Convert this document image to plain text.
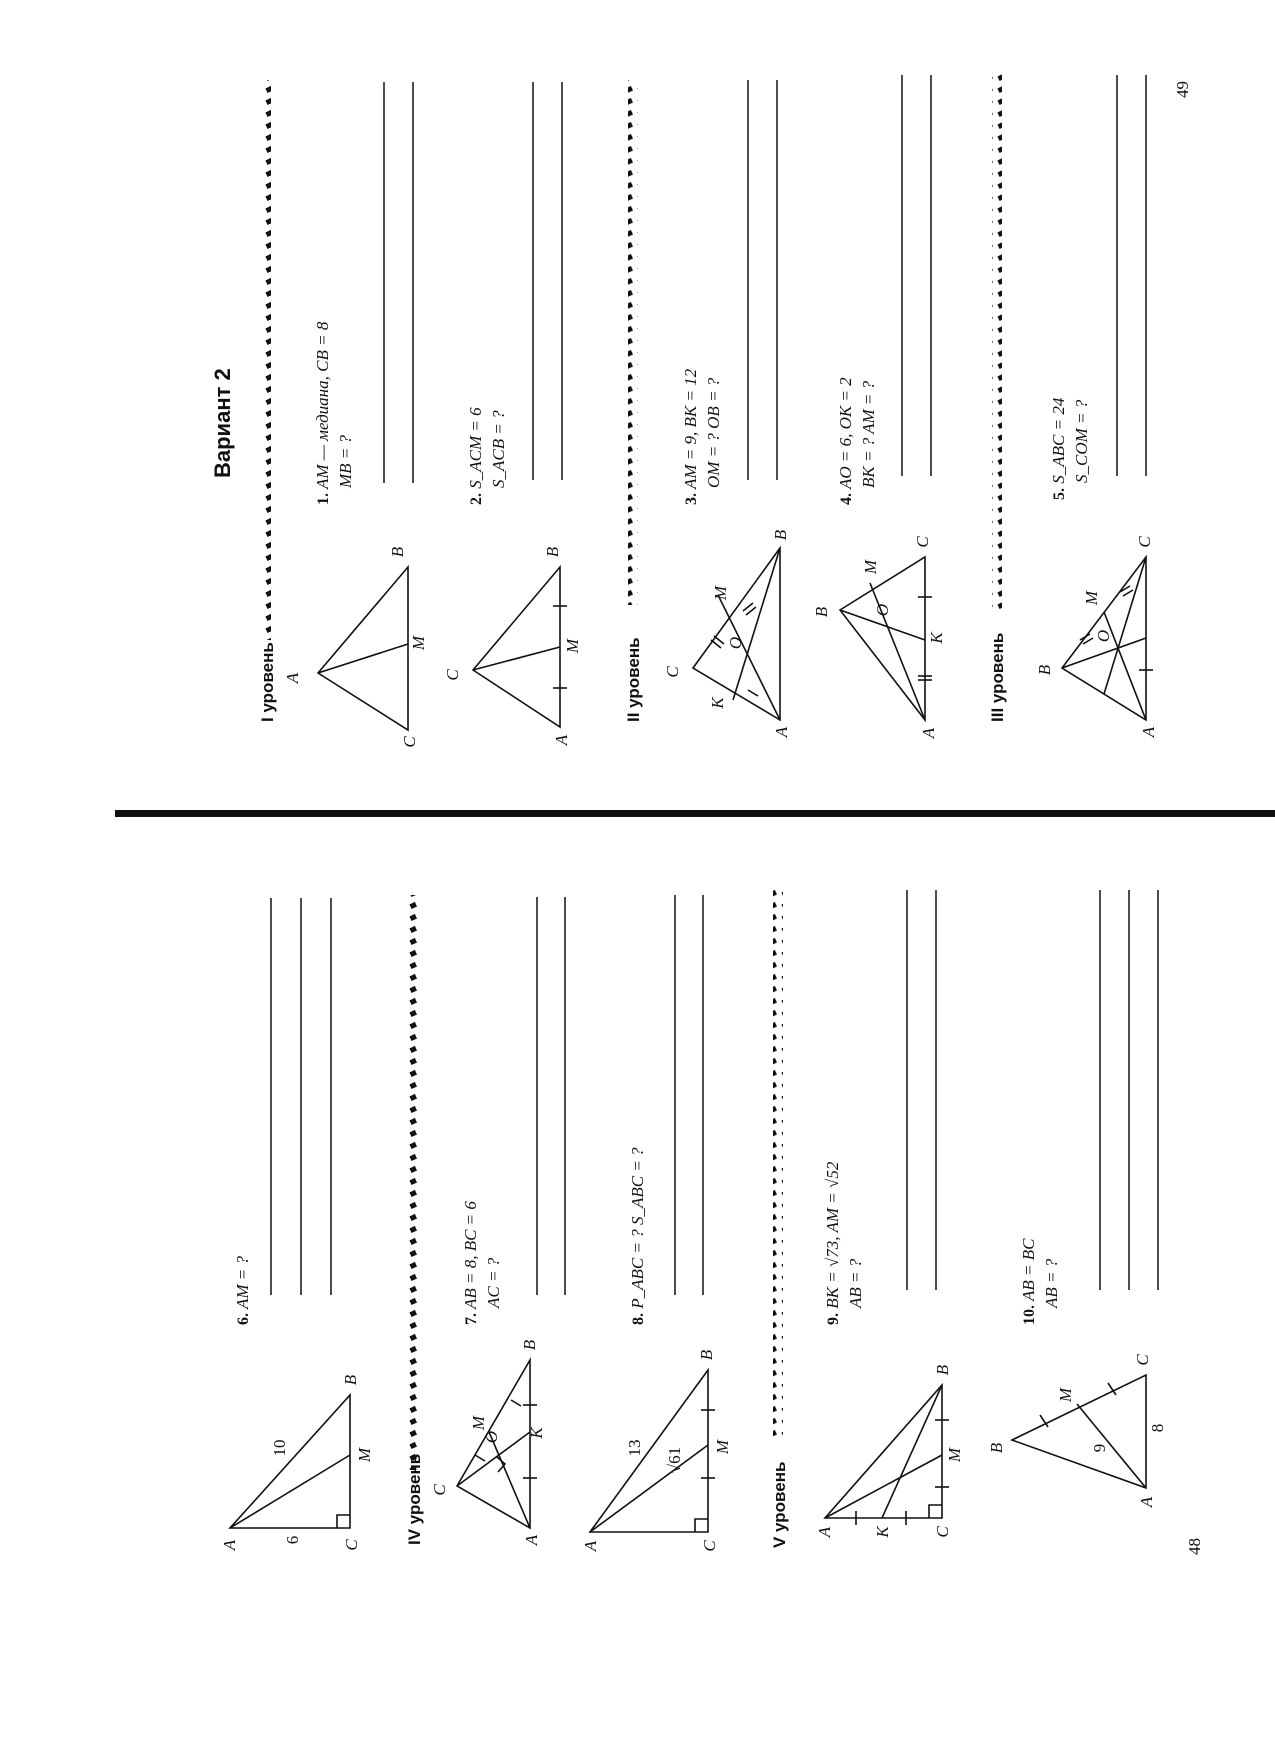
A
B
C
M
C
B
A
M
C
B
A
M
K
O
B
C
A
M
K
O
B
C
A
M
O
A	C
B
M
10
6
C
B
A
M
O K
A	C
B
M
13 √61
A K C
B
M B
C
A
M
9
8
Вариант 2
I уровень	II уровень	III уровень
IV уровень	V уровень
1. AM — медиана, CB = 8 MB = ?
2. S_ACM = 6 S_ACB = ?
3. AM = 9, BK = 12 OM = ? OB = ?
4. AO = 6, OK = 2 BK = ? AM = ?
5. S_ABC = 24 S_COM = ?
6. AM = ?
7. AB = 8, BC = 6 AC = ?
8. P_ABC = ? S_ABC = ?
9. BK = √73, AM = √52 AB = ?
10. AB = BC AB = ?
48
49
